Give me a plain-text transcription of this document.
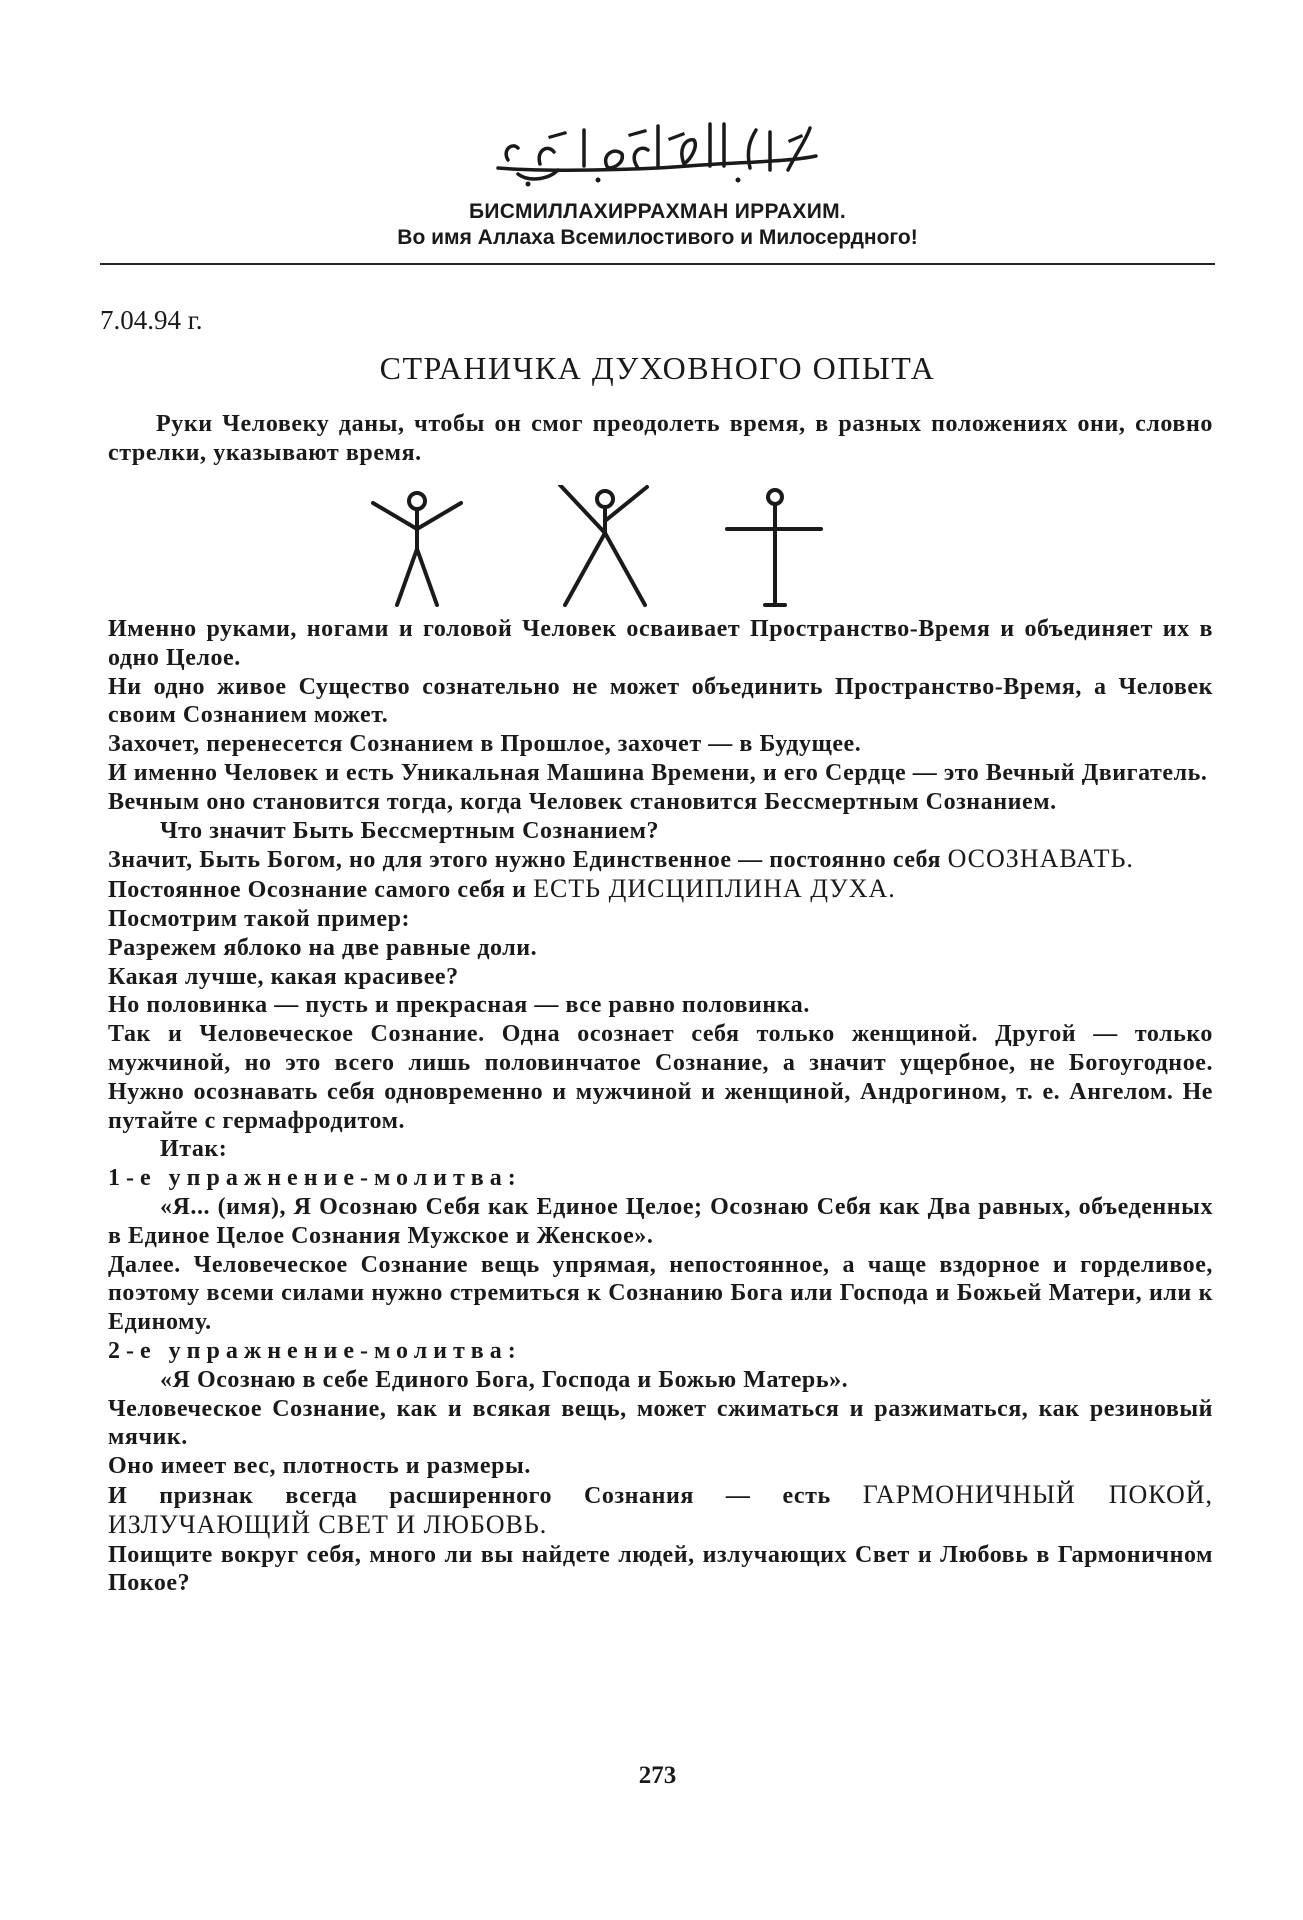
БИСМИЛЛАХИРРАХМАН ИРРАХИМ.
Во имя Аллаха Всемилостивого и Милосердного!
7.04.94 г.
СТРАНИЧКА ДУХОВНОГО ОПЫТА
Руки Человеку даны, чтобы он смог преодолеть время, в разных положениях они, словно стрелки, указывают время.

Именно руками, ногами и головой Человек осваивает Пространство-Время и объединяет их в одно Целое.

Ни одно живое Существо сознательно не может объединить Пространство-Время, а Человек своим Сознанием может.

Захочет, перенесется Сознанием в Прошлое, захочет — в Будущее.

И именно Человек и есть Уникальная Машина Времени, и его Сердце — это Вечный Двигатель.

Вечным оно становится тогда, когда Человек становится Бессмертным Сознанием.

Что значит Быть Бессмертным Сознанием?

Значит, Быть Богом, но для этого нужно Единственное — постоянно себя ОСОЗНАВАТЬ.

Постоянное Осознание самого себя и ЕСТЬ ДИСЦИПЛИНА ДУХА.

Посмотрим такой пример:

Разрежем яблоко на две равные доли.

Какая лучше, какая красивее?

Но половинка — пусть и прекрасная — все равно половинка.

Так и Человеческое Сознание. Одна осознает себя только женщиной. Другой — только мужчиной, но это всего лишь половинчатое Сознание, а значит ущербное, не Богоугодное. Нужно осознавать себя одновременно и мужчиной и женщиной, Андрогином, т. е. Ангелом. Не путайте с гермафродитом.

Итак:

1-е упражнение-молитва:

«Я... (имя), Я Осознаю Себя как Единое Целое; Осознаю Себя как Два равных, объеденных в Единое Целое Сознания Мужское и Женское».

Далее. Человеческое Сознание вещь упрямая, непостоянное, а чаще вздорное и горделивое, поэтому всеми силами нужно стремиться к Сознанию Бога или Господа и Божьей Матери, или к Единому.

2-е упражнение-молитва:

«Я Осознаю в себе Единого Бога, Господа и Божью Матерь».

Человеческое Сознание, как и всякая вещь, может сжиматься и разжиматься, как резиновый мячик.

Оно имеет вес, плотность и размеры.

И признак всегда расширенного Сознания — есть ГАРМОНИЧНЫЙ ПОКОЙ, ИЗЛУЧАЮЩИЙ СВЕТ И ЛЮБОВЬ.

Поищите вокруг себя, много ли вы найдете людей, излучающих Свет и Любовь в Гармоничном Покое?

273
